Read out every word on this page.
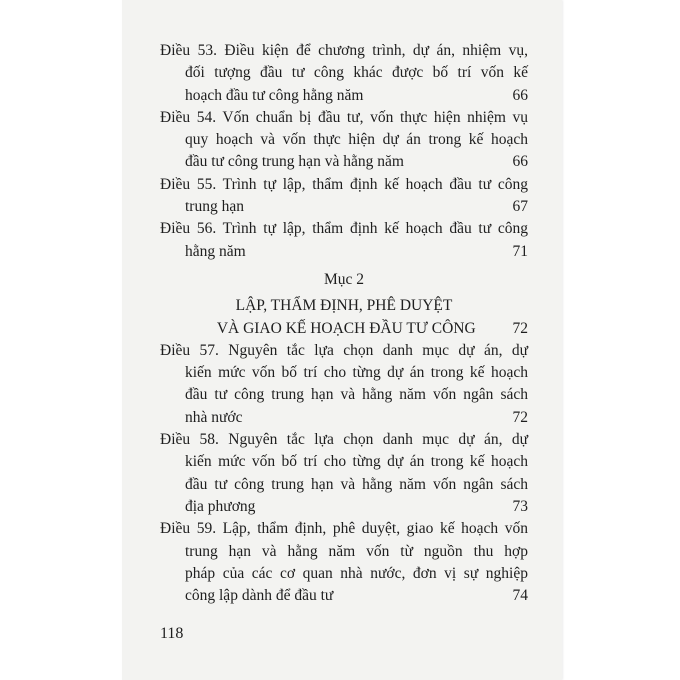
Điều 53. Điều kiện để chương trình, dự án, nhiệm vụ,
đối tượng đầu tư công khác được bố trí vốn kế
hoạch đầu tư công hằng năm	66
Điều 54. Vốn chuẩn bị đầu tư, vốn thực hiện nhiệm vụ
quy hoạch và vốn thực hiện dự án trong kế hoạch
đầu tư công trung hạn và hằng năm	66
Điều 55. Trình tự lập, thẩm định kế hoạch đầu tư công
trung hạn	67
Điều 56. Trình tự lập, thẩm định kế hoạch đầu tư công
hằng năm	71
Mục 2
LẬP, THẨM ĐỊNH, PHÊ DUYỆT
VÀ GIAO KẾ HOẠCH ĐẦU TƯ CÔNG 72
Điều 57. Nguyên tắc lựa chọn danh mục dự án, dự
kiến mức vốn bố trí cho từng dự án trong kế hoạch
đầu tư công trung hạn và hằng năm vốn ngân sách
nhà nước	72
Điều 58. Nguyên tắc lựa chọn danh mục dự án, dự
kiến mức vốn bố trí cho từng dự án trong kế hoạch
đầu tư công trung hạn và hằng năm vốn ngân sách
địa phương	73
Điều 59. Lập, thẩm định, phê duyệt, giao kế hoạch vốn
trung hạn và hằng năm vốn từ nguồn thu hợp
pháp của các cơ quan nhà nước, đơn vị sự nghiệp
công lập dành để đầu tư	74
118
